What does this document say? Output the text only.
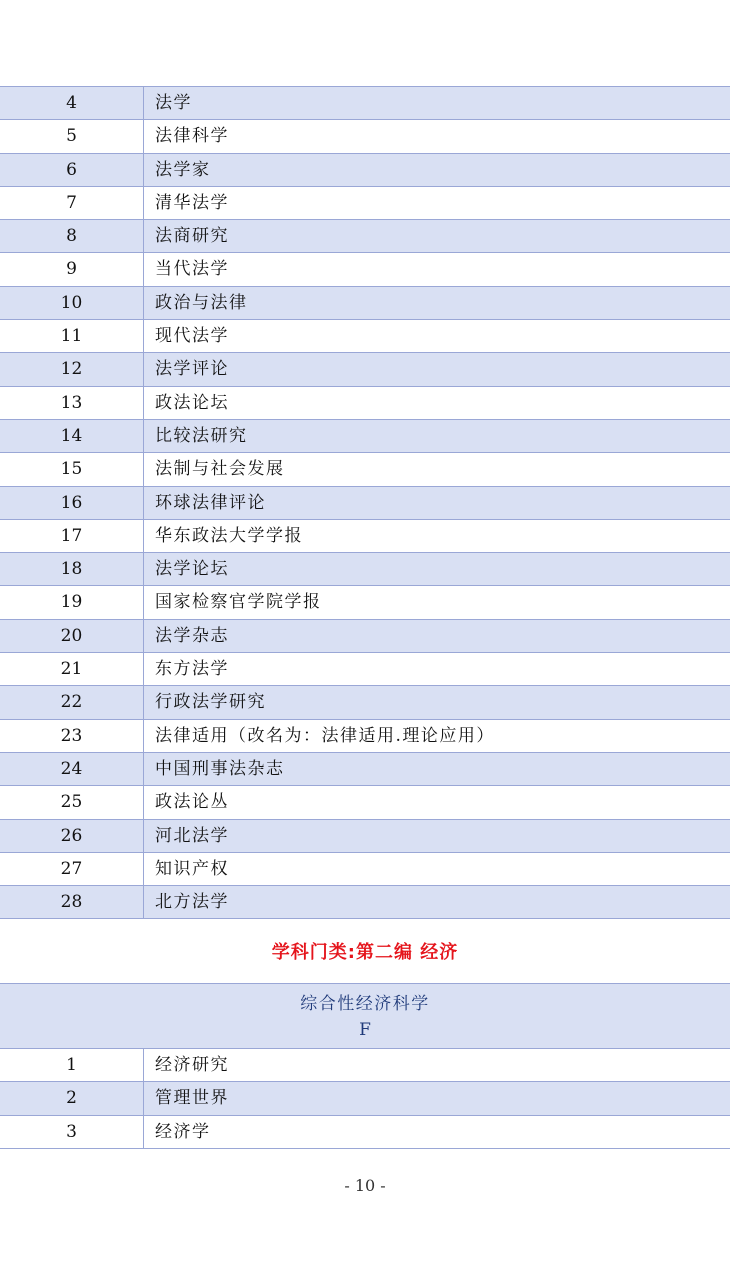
4	法学
5	法律科学
6	法学家
7	清华法学
8	法商研究
9	当代法学
10	政治与法律
11	现代法学
12	法学评论
13	政法论坛
14	比较法研究
15	法制与社会发展
16	环球法律评论
17	华东政法大学学报
18	法学论坛
19	国家检察官学院学报
20	法学杂志
21	东方法学
22	行政法学研究
23	法律适用（改名为：法律适用.理论应用）
24	中国刑事法杂志
25	政法论丛
26	河北法学
27	知识产权
28	北方法学
学科门类:第二编 经济
综合性经济科学
F
1	经济研究
2	管理世界
3	经济学
- 10 -
